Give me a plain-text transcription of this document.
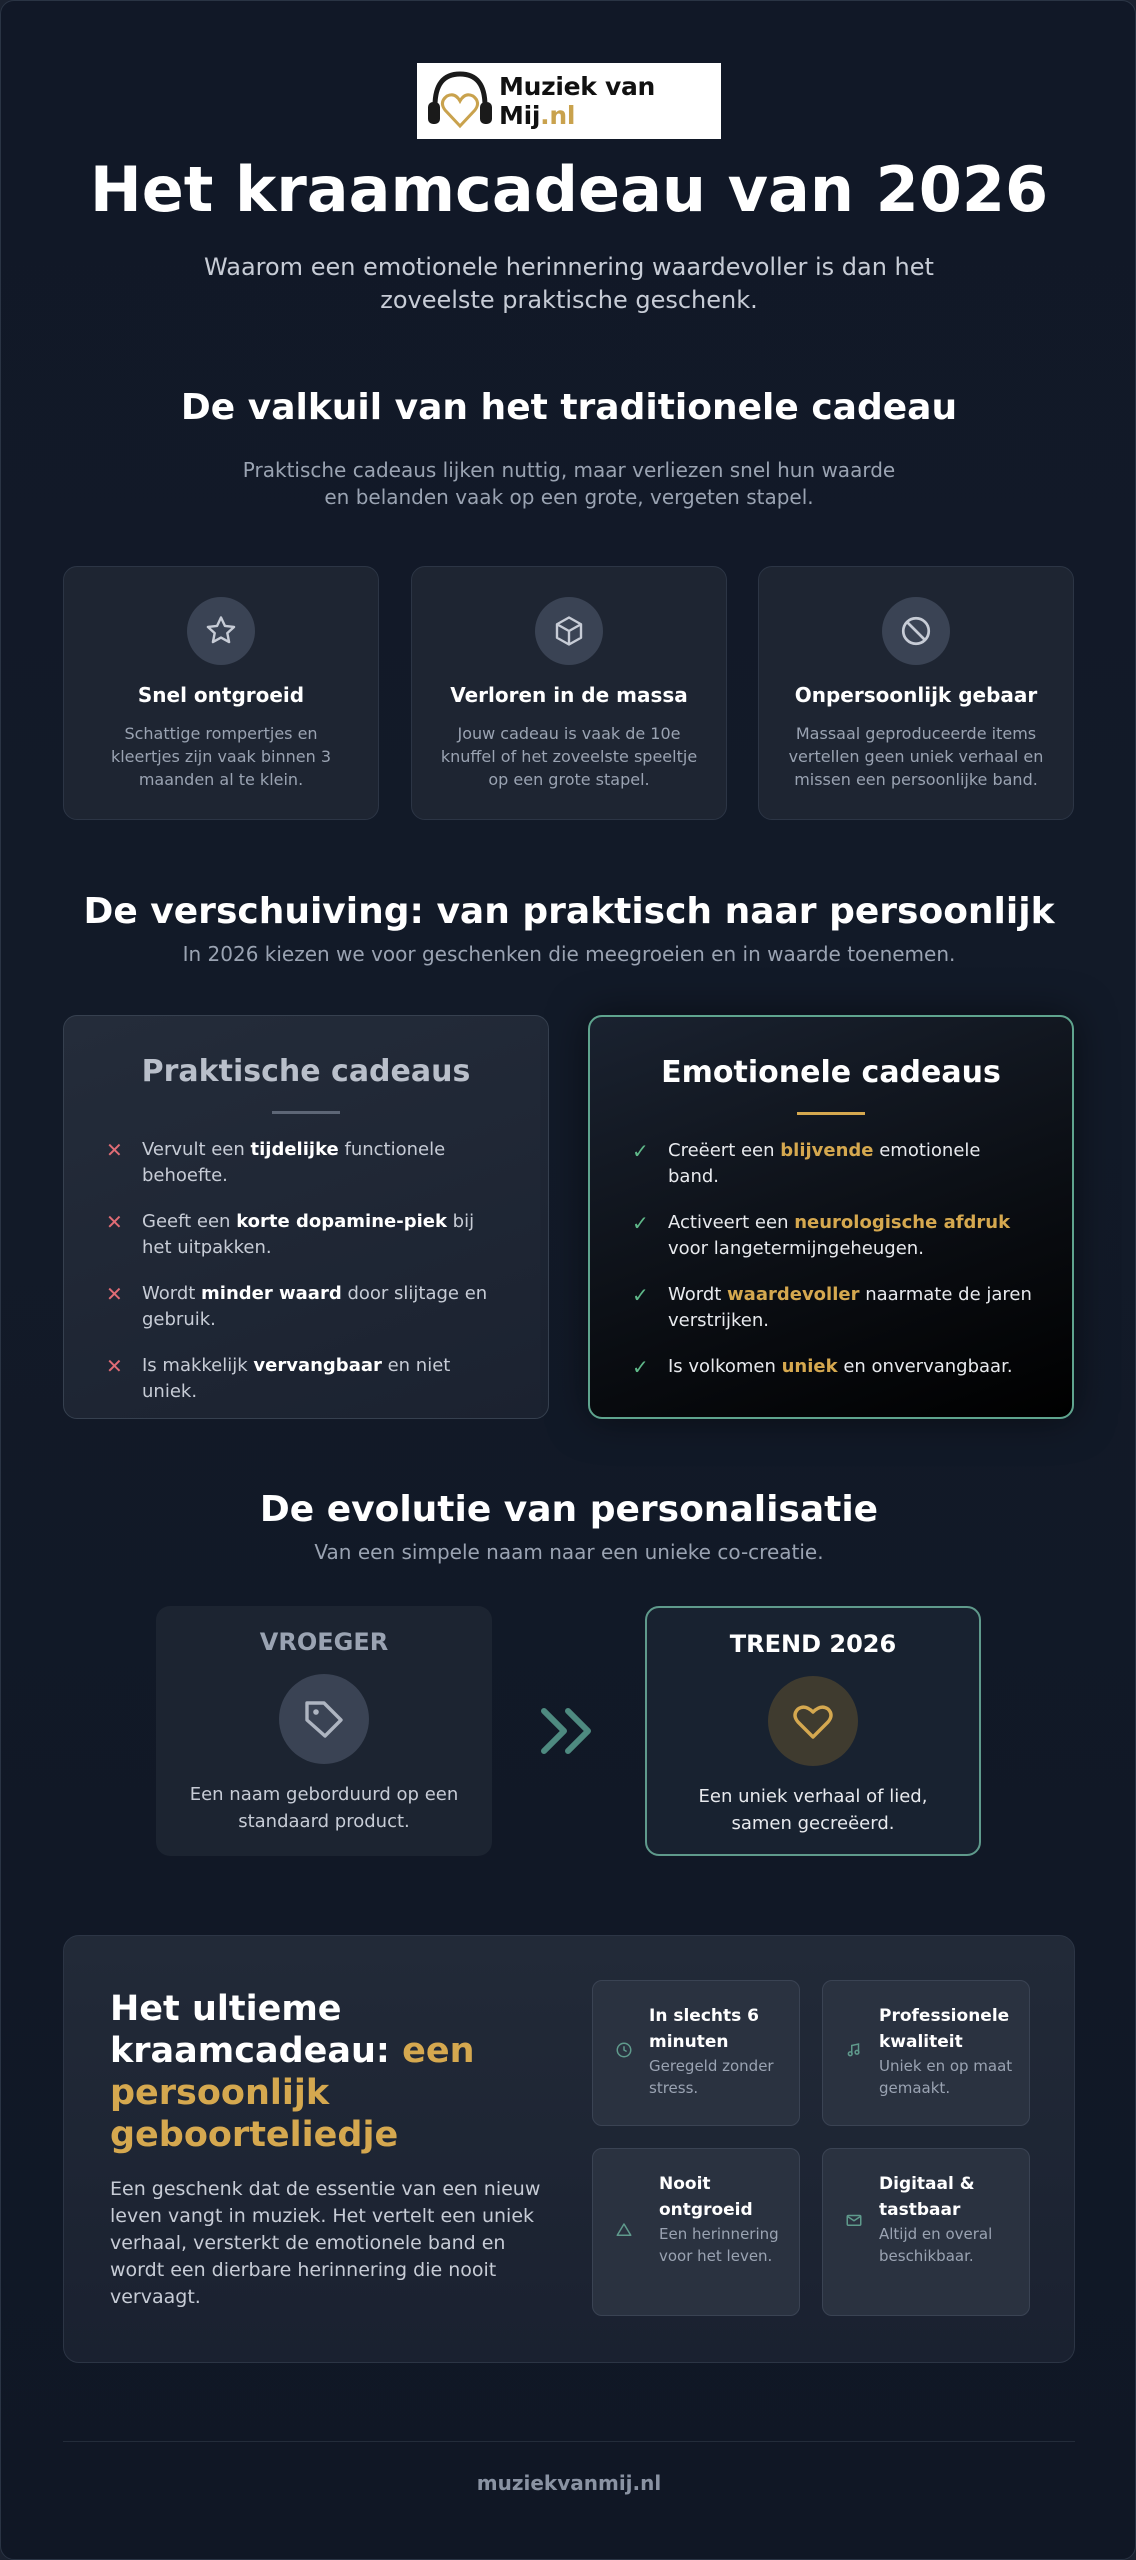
Muziek van Mij.nl
Het kraamcadeau van 2026
Waarom een emotionele herinnering waardevoller is dan het zoveelste praktische geschenk.
De valkuil van het traditionele cadeau
Praktische cadeaus lijken nuttig, maar verliezen snel hun waarde en belanden vaak op een grote, vergeten stapel.
Snel ontgroeid
Schattige rompertjes en kleertjes zijn vaak binnen 3 maanden al te klein.
Verloren in de massa
Jouw cadeau is vaak de 10e knuffel of het zoveelste speeltje op een grote stapel.
Onpersoonlijk gebaar
Massaal geproduceerde items vertellen geen uniek verhaal en missen een persoonlijke band.
De verschuiving: van praktisch naar persoonlijk
In 2026 kiezen we voor geschenken die meegroeien en in waarde toenemen.
Praktische cadeaus
✕ Vervult een tijdelijke functionele behoefte.
✕ Geeft een korte dopamine-piek bij het uitpakken.
✕ Wordt minder waard door slijtage en gebruik.
✕ Is makkelijk vervangbaar en niet uniek.
Emotionele cadeaus
✓ Creëert een blijvende emotionele band.
✓ Activeert een neurologische afdruk voor langetermijngeheugen.
✓ Wordt waardevoller naarmate de jaren verstrijken.
✓ Is volkomen uniek en onvervangbaar.
De evolutie van personalisatie
Van een simpele naam naar een unieke co-creatie.
VROEGER
Een naam geborduurd op een standaard product.
TREND 2026
Een uniek verhaal of lied, samen gecreëerd.
Het ultieme kraamcadeau: een persoonlijk geboorteliedje
Een geschenk dat de essentie van een nieuw leven vangt in muziek. Het vertelt een uniek verhaal, versterkt de emotionele band en wordt een dierbare herinnering die nooit vervaagt.
In slechts 6 minuten
Geregeld zonder stress.
Professionele kwaliteit
Uniek en op maat gemaakt.
Nooit ontgroeid
Een herinnering voor het leven.
Digitaal & tastbaar
Altijd en overal beschikbaar.
muziekvanmij.nl
